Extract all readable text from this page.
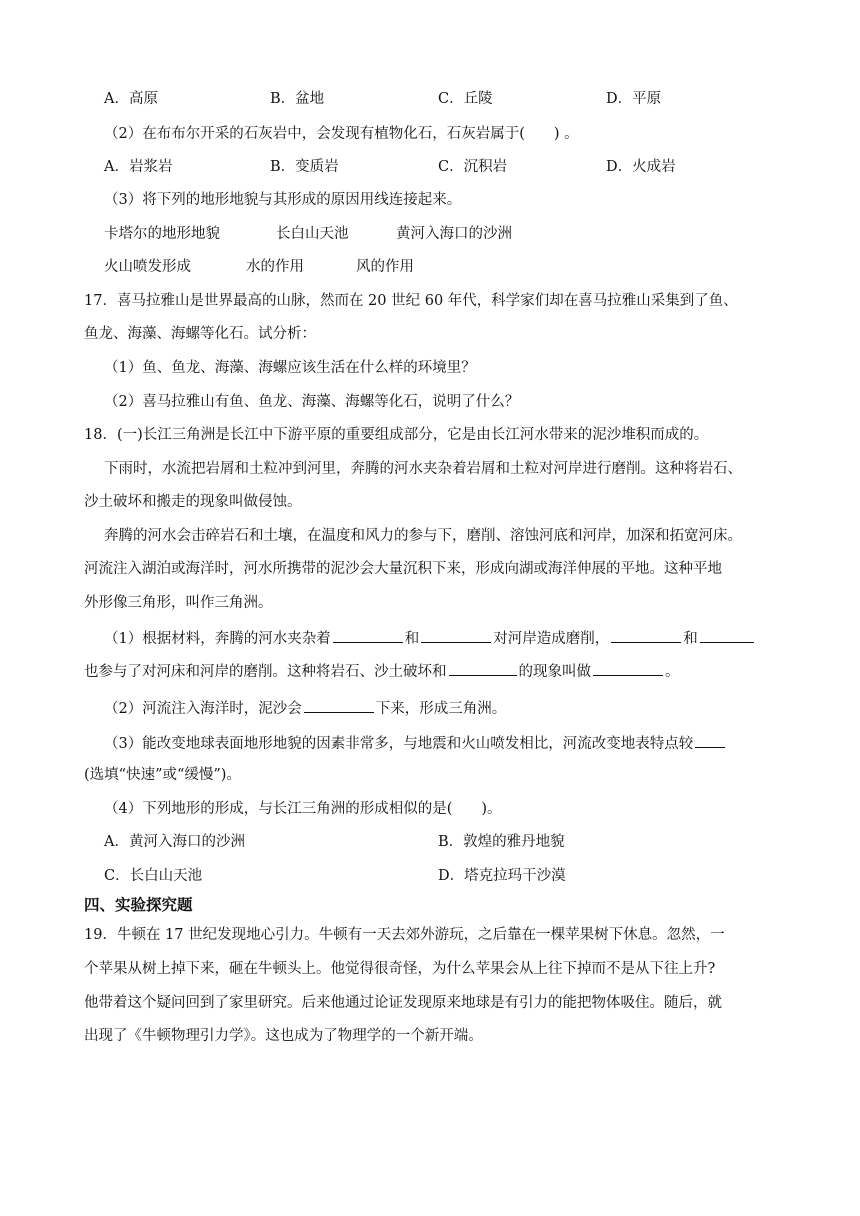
A．高原	B．盆地	C．丘陵	D．平原
（2）在布布尔开采的石灰岩中，会发现有植物化石，石灰岩属于(　　) 。
A．岩浆岩	B．变质岩	C．沉积岩	D．火成岩
（3）将下列的地形地貌与其形成的原因用线连接起来。
卡塔尔的地形地貌	长白山天池	黄河入海口的沙洲
火山喷发形成	水的作用	风的作用
17．喜马拉雅山是世界最高的山脉，然而在 20 世纪 60 年代，科学家们却在喜马拉雅山采集到了鱼、
鱼龙、海藻、海螺等化石。试分析：
（1）鱼、鱼龙、海藻、海螺应该生活在什么样的环境里？
（2）喜马拉雅山有鱼、鱼龙、海藻、海螺等化石，说明了什么？
18．(一)长江三角洲是长江中下游平原的重要组成部分，它是由长江河水带来的泥沙堆积而成的。
下雨时，水流把岩屑和土粒冲到河里，奔腾的河水夹杂着岩屑和土粒对河岸进行磨削。这种将岩石、
沙土破坏和搬走的现象叫做侵蚀。
奔腾的河水会击碎岩石和土壤，在温度和风力的参与下，磨削、溶蚀河底和河岸，加深和拓宽河床。
河流注入湖泊或海洋时，河水所携带的泥沙会大量沉积下来，形成向湖或海洋伸展的平地。这种平地
外形像三角形，叫作三角洲。
（1）根据材料，奔腾的河水夹杂着	和	对河岸造成磨削，	和
也参与了对河床和河岸的磨削。这种将岩石、沙土破坏和	的现象叫做	。
（2）河流注入海洋时，泥沙会	下来，形成三角洲。
（3）能改变地球表面地形地貌的因素非常多，与地震和火山喷发相比，河流改变地表特点较
(选填“快速”或“缓慢”)。
（4）下列地形的形成，与长江三角洲的形成相似的是(　　)。
A．黄河入海口的沙洲	B．敦煌的雅丹地貌
C．长白山天池	D．塔克拉玛干沙漠
四、实验探究题
19．牛顿在 17 世纪发现地心引力。牛顿有一天去郊外游玩，之后靠在一棵苹果树下休息。忽然，一
个苹果从树上掉下来，砸在牛顿头上。他觉得很奇怪，为什么苹果会从上往下掉而不是从下往上升?
他带着这个疑问回到了家里研究。后来他通过论证发现原来地球是有引力的能把物体吸住。随后，就
出现了《牛顿物理引力学》。这也成为了物理学的一个新开端。
